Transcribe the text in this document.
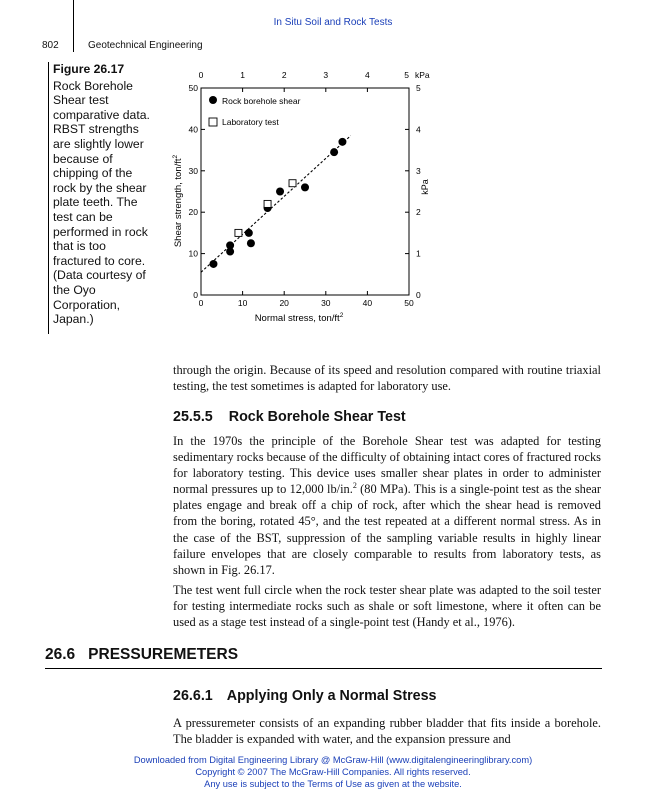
In Situ Soil and Rock Tests
802	Geotechnical Engineering
Figure 26.17
Rock Borehole Shear test comparative data. RBST strengths are slightly lower because of chipping of the rock by the shear plate teeth. The test can be performed in rock that is too fractured to core. (Data courtesy of the Oyo Corporation, Japan.)
0	10	20	30	40	50
0
10
20
30
40
50
0	1	2	3	4	5
0
1
2
3
4
5
Rock borehole shear
Laboratory test
Normal stress, ton/$ft^2$
Shear strength, ton/$ft^2$
kPa
kPa
through the origin. Because of its speed and resolution compared with routine triaxial testing, the test sometimes is adapted for laboratory use.
25.5.5 Rock Borehole Shear Test
In the 1970s the principle of the Borehole Shear test was adapted for testing sedimentary rocks because of the difficulty of obtaining intact cores of fractured rocks for laboratory testing. This device uses smaller shear plates in order to administer normal pressures up to 12,000 lb/in.$^2$ (80 MPa). This is a single-point test as the shear plates engage and break off a chip of rock, after which the shear head is removed from the boring, rotated 45°, and the test repeated at a different normal stress. As in the case of the BST, suppression of the sampling variable results in highly linear failure envelopes that are closely comparable to results from laboratory tests, as shown in Fig. 26.17.
The test went full circle when the rock tester shear plate was adapted to the soil tester for testing intermediate rocks such as shale or soft limestone, where it often can be used as a stage test instead of a single-point test (Handy et al., 1976).
26.6 PRESSUREMETERS
26.6.1 Applying Only a Normal Stress
A pressuremeter consists of an expanding rubber bladder that fits inside a borehole. The bladder is expanded with water, and the expansion pressure and
Downloaded from Digital Engineering Library @ McGraw-Hill (www.digitalengineeringlibrary.com)
Copyright © 2007 The McGraw-Hill Companies. All rights reserved.
Any use is subject to the Terms of Use as given at the website.
